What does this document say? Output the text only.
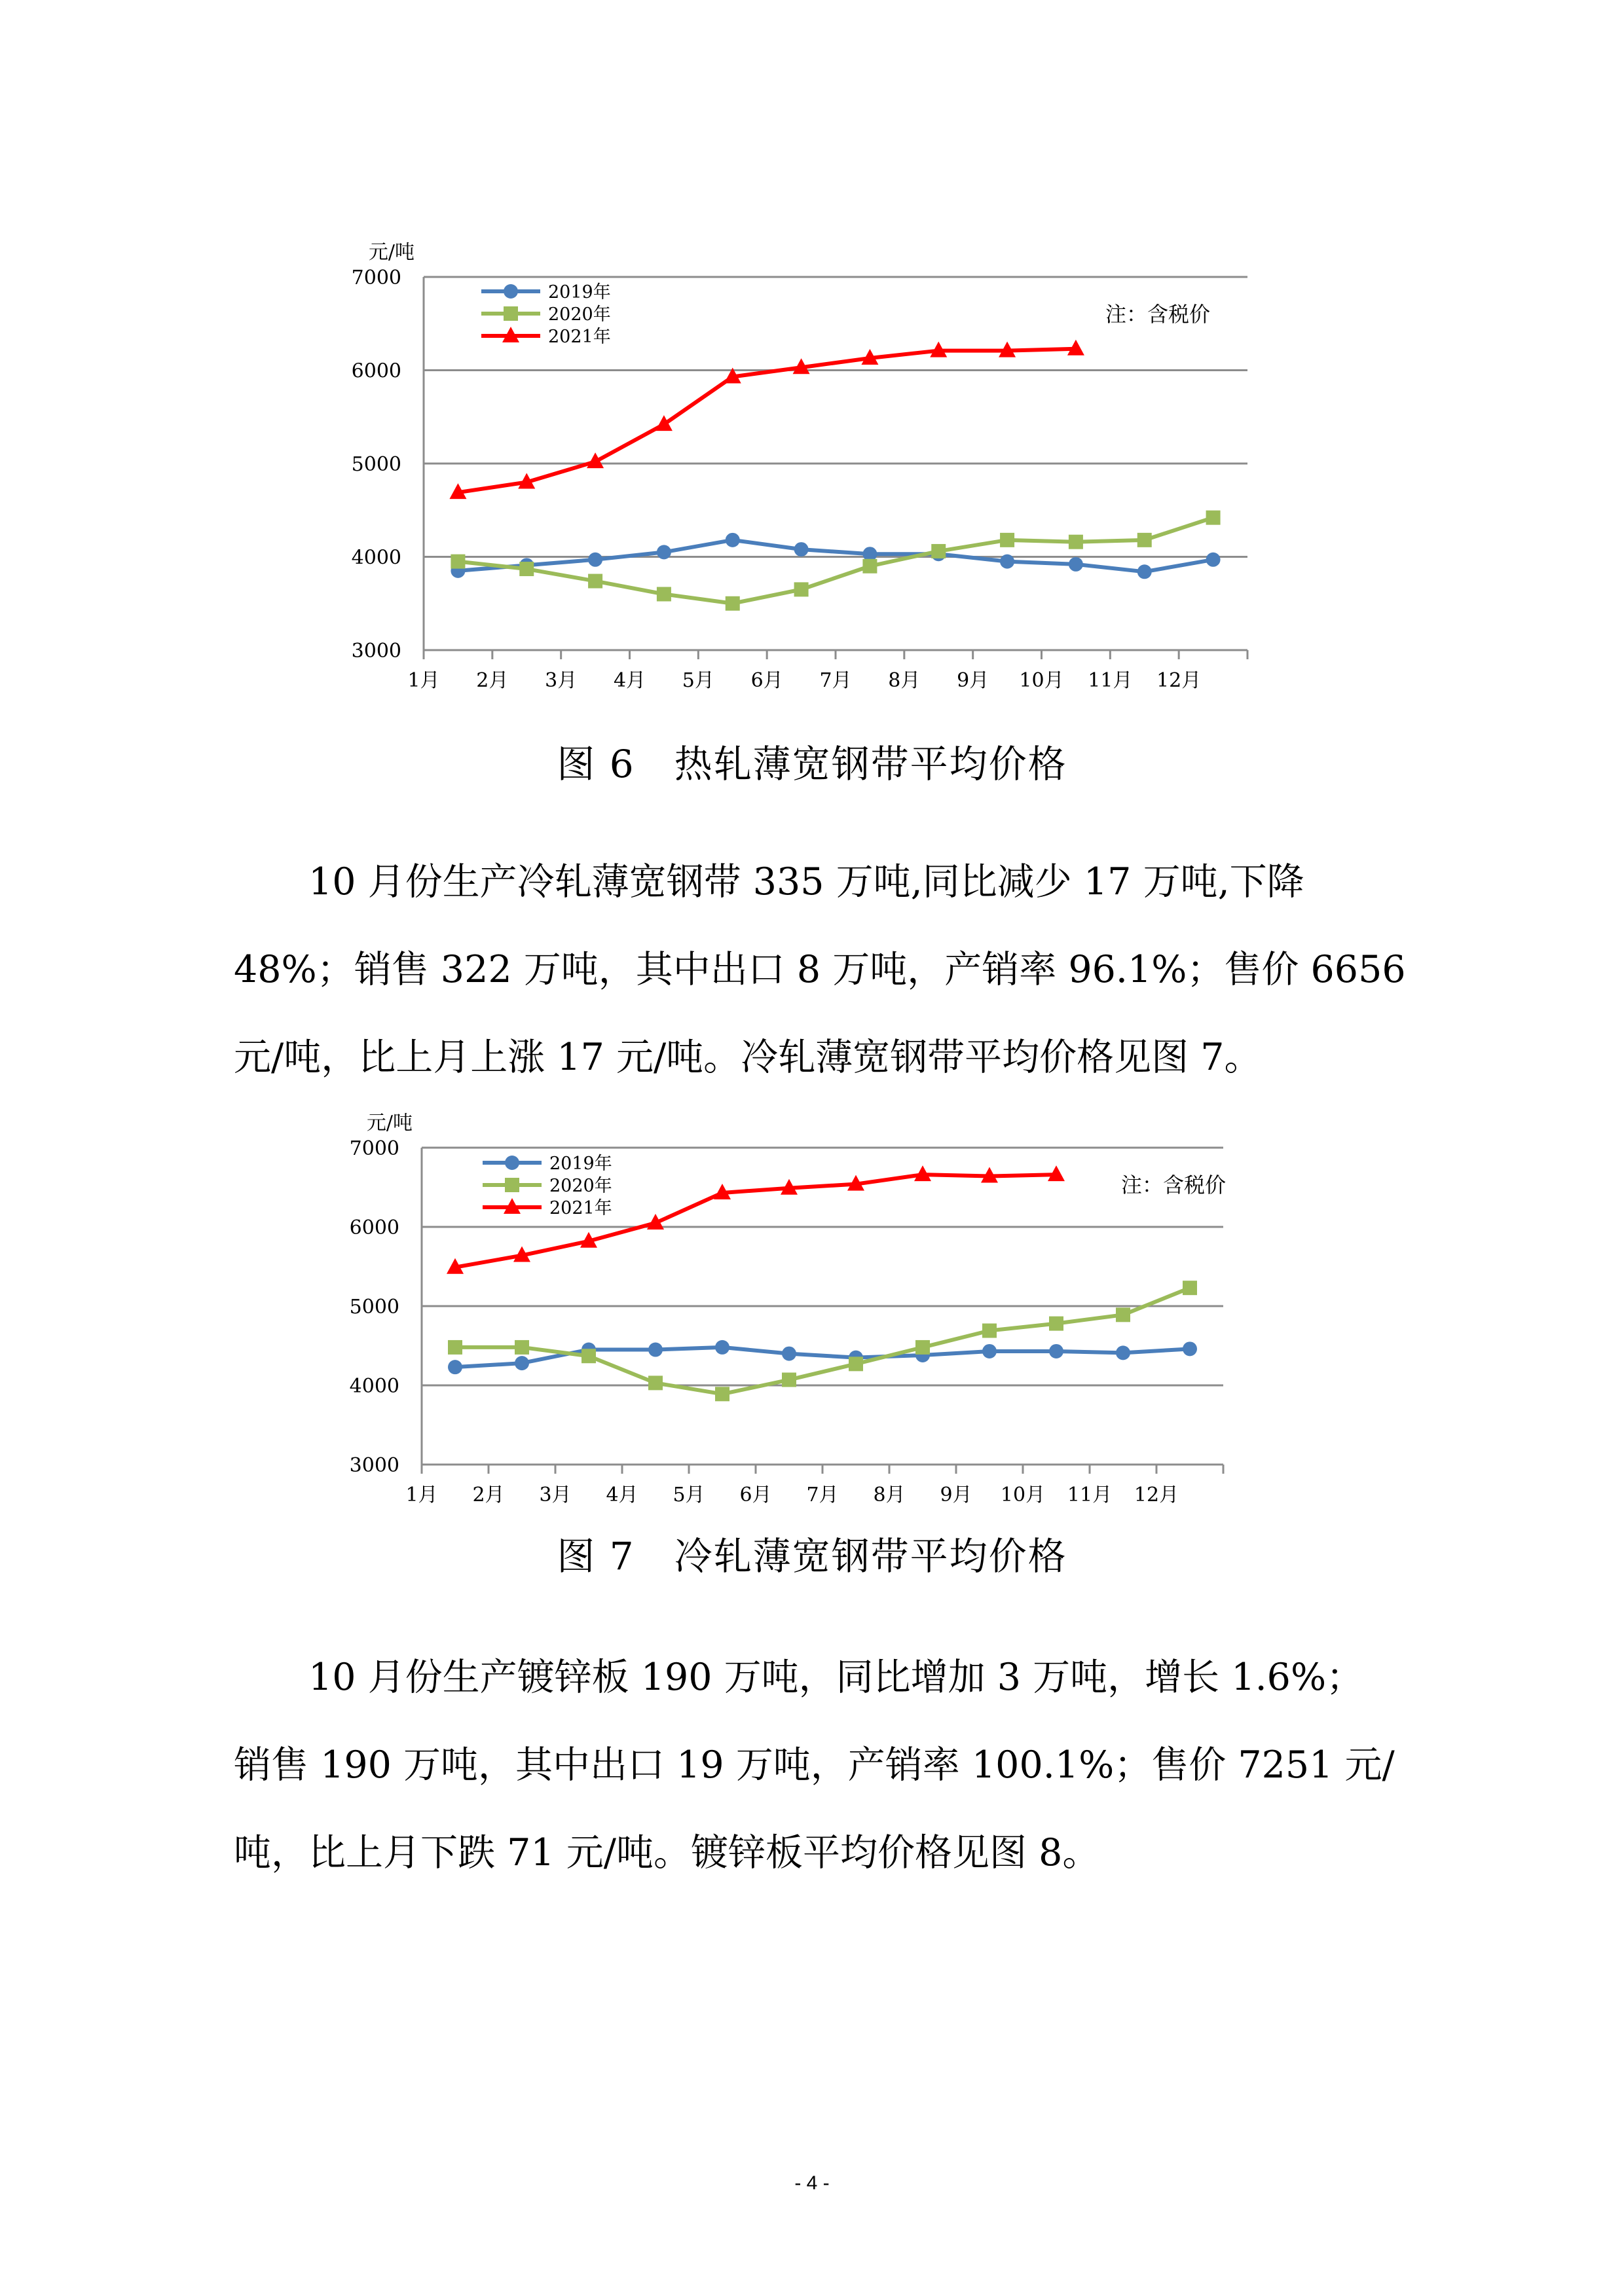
3000
4000
5000
6000
7000
1月 2月 3月 4月 5月 6月 7月 8月 9月 10月 11月 12月
元/吨
注：含税价
2019年
2020年
2021年
图 6　热轧薄宽钢带平均价格
10 月份生产冷轧薄宽钢带 335 万吨,同比减少 17 万吨,下降
48%；销售 322 万吨，其中出口 8 万吨，产销率 96.1%；售价 6656
元/吨，比上月上涨 17 元/吨。冷轧薄宽钢带平均价格见图 7。
3000
4000
5000
6000
7000
1月 2月 3月 4月 5月 6月 7月 8月 9月 10月 11月 12月
元/吨
注：含税价
2019年
2020年
2021年
图 7　冷轧薄宽钢带平均价格
10 月份生产镀锌板 190 万吨，同比增加 3 万吨，增长 1.6%；
销售 190 万吨，其中出口 19 万吨，产销率 100.1%；售价 7251 元/
吨，比上月下跌 71 元/吨。镀锌板平均价格见图 8。
- 4 -
